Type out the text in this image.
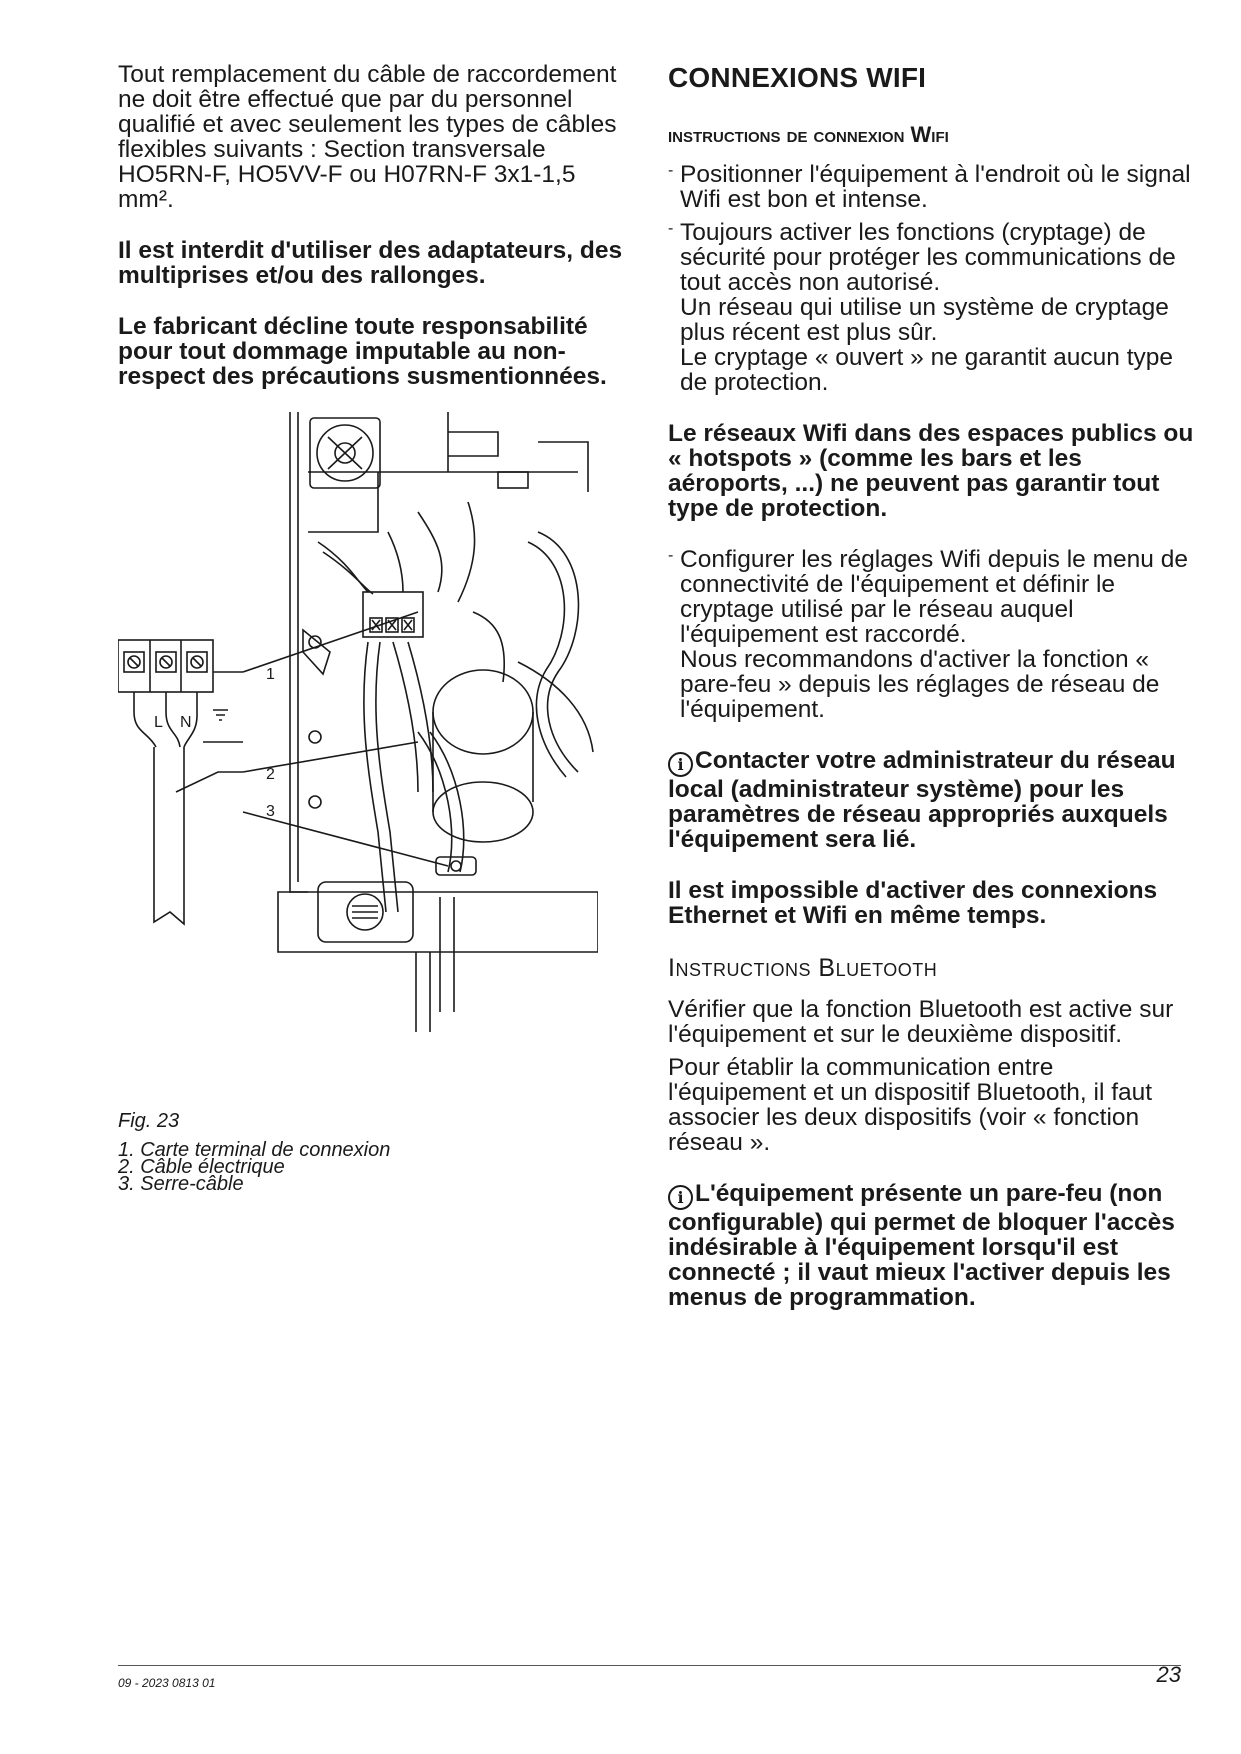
Tout remplacement du câble de raccordement ne doit être effectué que par du personnel qualifié et avec seulement les types de câbles flexibles suivants : Section transversale HO5RN-F, HO5VV-F ou H07RN-F 3x1-1,5 mm².

Il est interdit d'utiliser des adaptateurs, des multiprises et/ou des rallonges.

Le fabricant décline toute responsabilité pour tout dommage imputable au non-respect des précautions susmentionnées.

L N
1
2
3
Fig. 23
1. Carte terminal de connexion
2. Câble électrique
3. Serre-câble
CONNEXIONS WIFI

instructions de connexion Wifi

- Positionner l'équipement à l'endroit où le signal Wifi est bon et intense.
- Toujours activer les fonctions (cryptage) de sécurité pour protéger les communications de tout accès non autorisé.
Un réseau qui utilise un système de cryptage plus récent est plus sûr.
Le cryptage « ouvert » ne garantit aucun type de protection.

Le réseaux Wifi dans des espaces publics ou « hotspots » (comme les bars et les aéroports, ...) ne peuvent pas garantir tout type de protection.

- Configurer les réglages Wifi depuis le menu de connectivité de l'équipement et définir le cryptage utilisé par le réseau auquel l'équipement est raccordé.
Nous recommandons d'activer la fonction « pare-feu » depuis les réglages de réseau de l'équipement.

i Contacter votre administrateur du réseau local (administrateur système) pour les paramètres de réseau appropriés auxquels l'équipement sera lié.

Il est impossible d'activer des connexions Ethernet et Wifi en même temps.

Instructions Bluetooth

Vérifier que la fonction Bluetooth est active sur l'équipement et sur le deuxième dispositif.

Pour établir la communication entre l'équipement et un dispositif Bluetooth, il faut associer les deux dispositifs (voir « fonction réseau ».

i L'équipement présente un pare-feu (non configurable) qui permet de bloquer l'accès indésirable à l'équipement lorsqu'il est connecté ; il vaut mieux l'activer depuis les menus de programmation.

09 - 2023 0813 01	23
